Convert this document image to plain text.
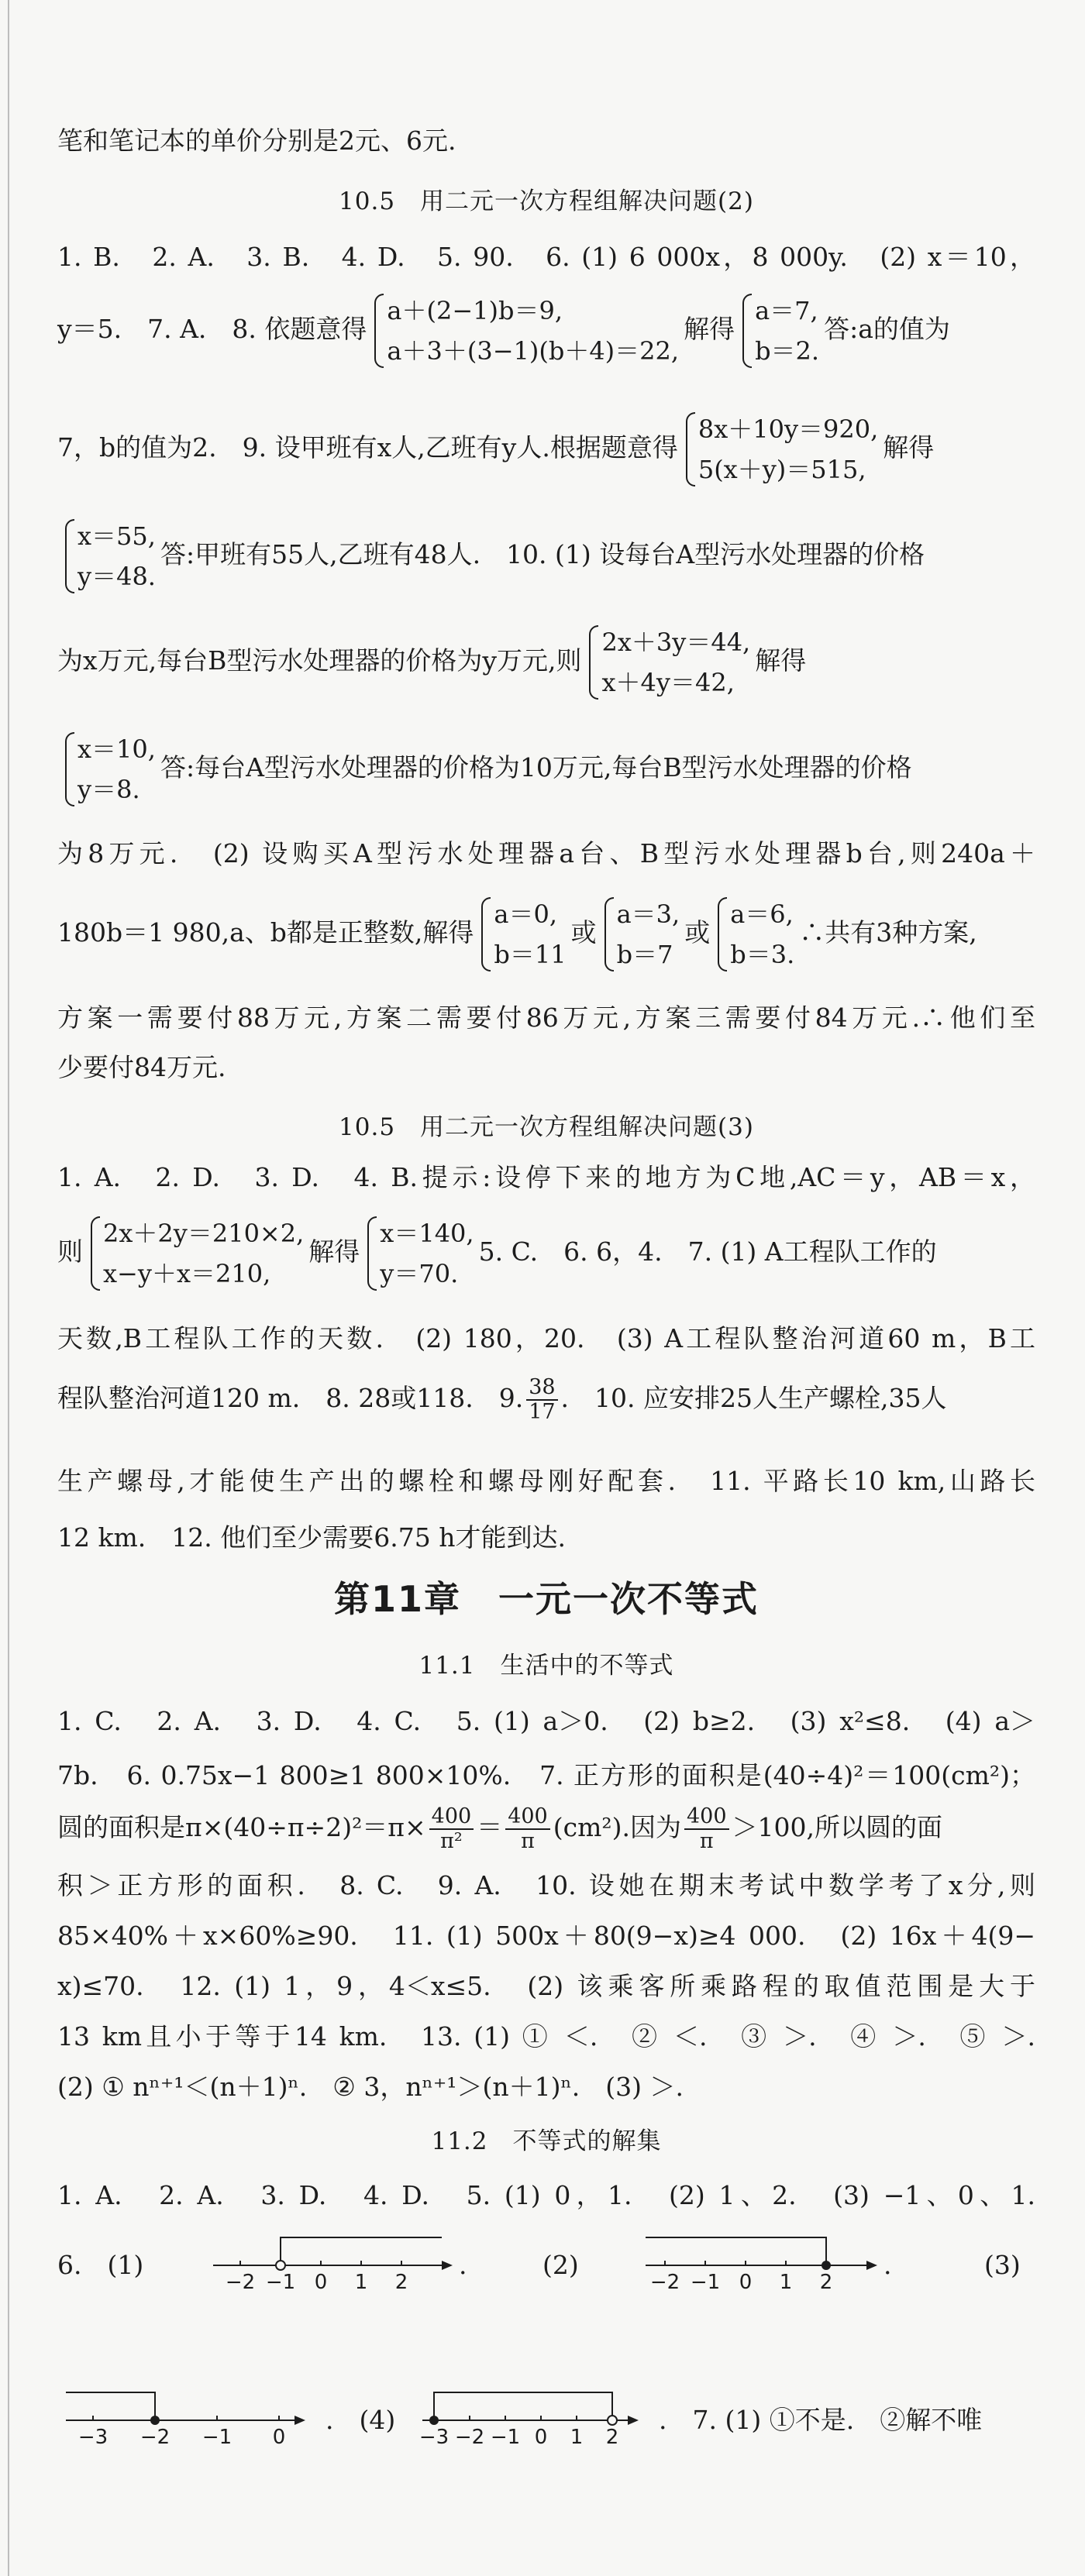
笔和笔记本的单价分别是2元、6元.
10.5　用二元一次方程组解决问题(2)
1. B.　2. A.　3. B.　4. D.　5. 90.　6. (1) 6 000x，8 000y.　(2) x＝10，
y＝5.　7. A.　8. 依题意得
a＋(2−1)b＝9,
a＋3＋(3−1)(b＋4)＝22,
解得
a＝7,
b＝2.
答:a的值为
7，b的值为2.　9. 设甲班有x人,乙班有y人.根据题意得
8x＋10y＝920,
5(x＋y)＝515,
解得
x＝55,
y＝48.
答:甲班有55人,乙班有48人.　10. (1) 设每台A型污水处理器的价格
为x万元,每台B型污水处理器的价格为y万元,则
2x＋3y＝44,
x＋4y＝42,
解得
x＝10,
y＝8.
答:每台A型污水处理器的价格为10万元,每台B型污水处理器的价格
为8万元.　(2) 设购买A型污水处理器a台、B型污水处理器b台,则240a＋
180b＝1 980,a、b都是正整数,解得
a＝0,
b＝11
或
a＝3,
b＝7
或
a＝6,
b＝3.
∴共有3种方案,
方案一需要付88万元,方案二需要付86万元,方案三需要付84万元.∴他们至
少要付84万元.
10.5　用二元一次方程组解决问题(3)
1. A.　2. D.　3. D.　4. B.提示:设停下来的地方为C地,AC＝y，AB＝x，
则
2x＋2y＝210×2,
x−y＋x＝210,
解得
x＝140,
y＝70.
5. C.　6. 6，4.　7. (1) A工程队工作的
天数,B工程队工作的天数.　(2) 180，20.　(3) A工程队整治河道60 m，B工
程队整治河道120 m.　8. 28或118.　9. $\frac{38}{17}$ .　10. 应安排25人生产螺栓,35人
生产螺母,才能使生产出的螺栓和螺母刚好配套.　11. 平路长10 km,山路长
12 km.　12. 他们至少需要6.75 h才能到达.
第11章　一元一次不等式
11.1　生活中的不等式
1. C.　2. A.　3. D.　4. C.　5. (1) a＞0.　(2) b≥2.　(3) x²≤8.　(4) a＞
7b.　6. 0.75x−1 800≥1 800×10%.　7. 正方形的面积是(40÷4)²＝100(cm²)；
圆的面积是$\pi\times(40\div\pi\div 2)^2=\pi\times \frac{400}{\text{π²}} = \frac{400}{\pi} (cm^2)$.因为 $\frac{400}{\pi} >100$,所以圆的面
积＞正方形的面积.　8. C.　9. A.　10. 设她在期末考试中数学考了x分,则
85×40%＋x×60%≥90.　11. (1) 500x＋80(9−x)≥4 000.　(2) 16x＋4(9−
x)≤70.　12. (1) 1，9，4＜x≤5.　(2) 该乘客所乘路程的取值范围是大于
13 km且小于等于14 km.　13. (1) ① ＜.　② ＜.　③ ＞.　④ ＞.　⑤ ＞.
(2) ① nⁿ⁺¹＜(n＋1)ⁿ.　② 3，nⁿ⁺¹＞(n＋1)ⁿ.　(3) ＞.
11.2　不等式的解集
1. A.　2. A.　3. D.　4. D.　5. (1) 0，1.　(2) 1、2.　(3) −1、0、1.
6.　(1)
−2 −1 0 1 2
.	(2)
−2 −1 0 1 2
.	(3)
−3 −2 −1 0
.　(4)
−3 −2 −1 0 1 2
.　7. (1) ①不是.　②解不唯
